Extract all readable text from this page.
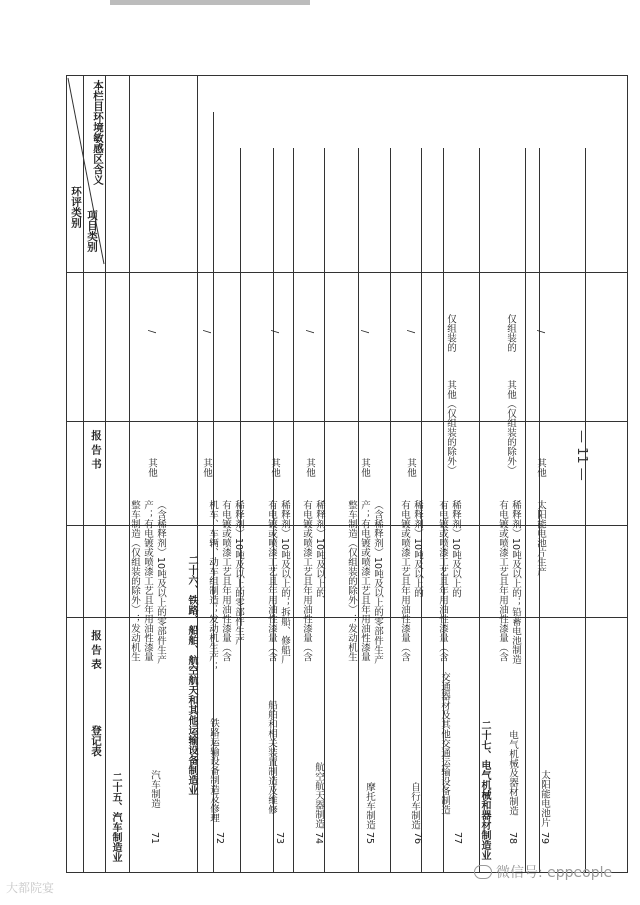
环评类别
项目类别
报 告 书
报 告 表
登记表
本栏目环境敏感区含义
二十五、汽车制造业
二十六、铁路、船舶、航空航天和其他运输设备制造业	二十七、电气机械和器材制造业
71
汽车制造
整车制造（仅组装的除外）；发动机生 产；有电镀或喷漆工艺且年用油性漆量 （含稀释剂）10吨及以上的零部件生产
其他
/
72
铁路运输设备制造及修理
机车、车辆、动车组制造；发动机生产； 有电镀或喷漆工艺且年用油性漆量（含 稀释剂）10吨及以上的零部件生产
其他
/
73
船舶和相关装置制造及维修
有电镀或喷漆工艺且年用油性漆量（含 稀释剂）10吨及以上的；拆船、修船厂
其他
/
74
航空航天器制造
有电镀或喷漆工艺且年用油性漆量（含 稀释剂）10吨及以上的
其他
/
75
摩托车制造
整车制造（仅组装的除外）；发动机生 产；有电镀或喷漆工艺且年用油性漆量 （含稀释剂）10吨及以上的零部件生产
其他
/
76
自行车制造
有电镀或喷漆工艺且年用油性漆量（含 稀释剂）10吨及以上的
其他
/
77
交通器材及其他交通运输设备制造
有电镀或喷漆工艺且年用油性漆量（含 稀释剂）10吨及以上的
其他（仅组装的除外）
仅组装的
78
电气机械及器材制造
有电镀或喷漆工艺且年用油性漆量（含 稀释剂）10吨及以上的；铅蓄电池制造
其他（仅组装的除外）
仅组装的
79
太阳能电池片
太阳能电池片生产
其他
/
— 11 —
大都院宴
微信号: eppeople
